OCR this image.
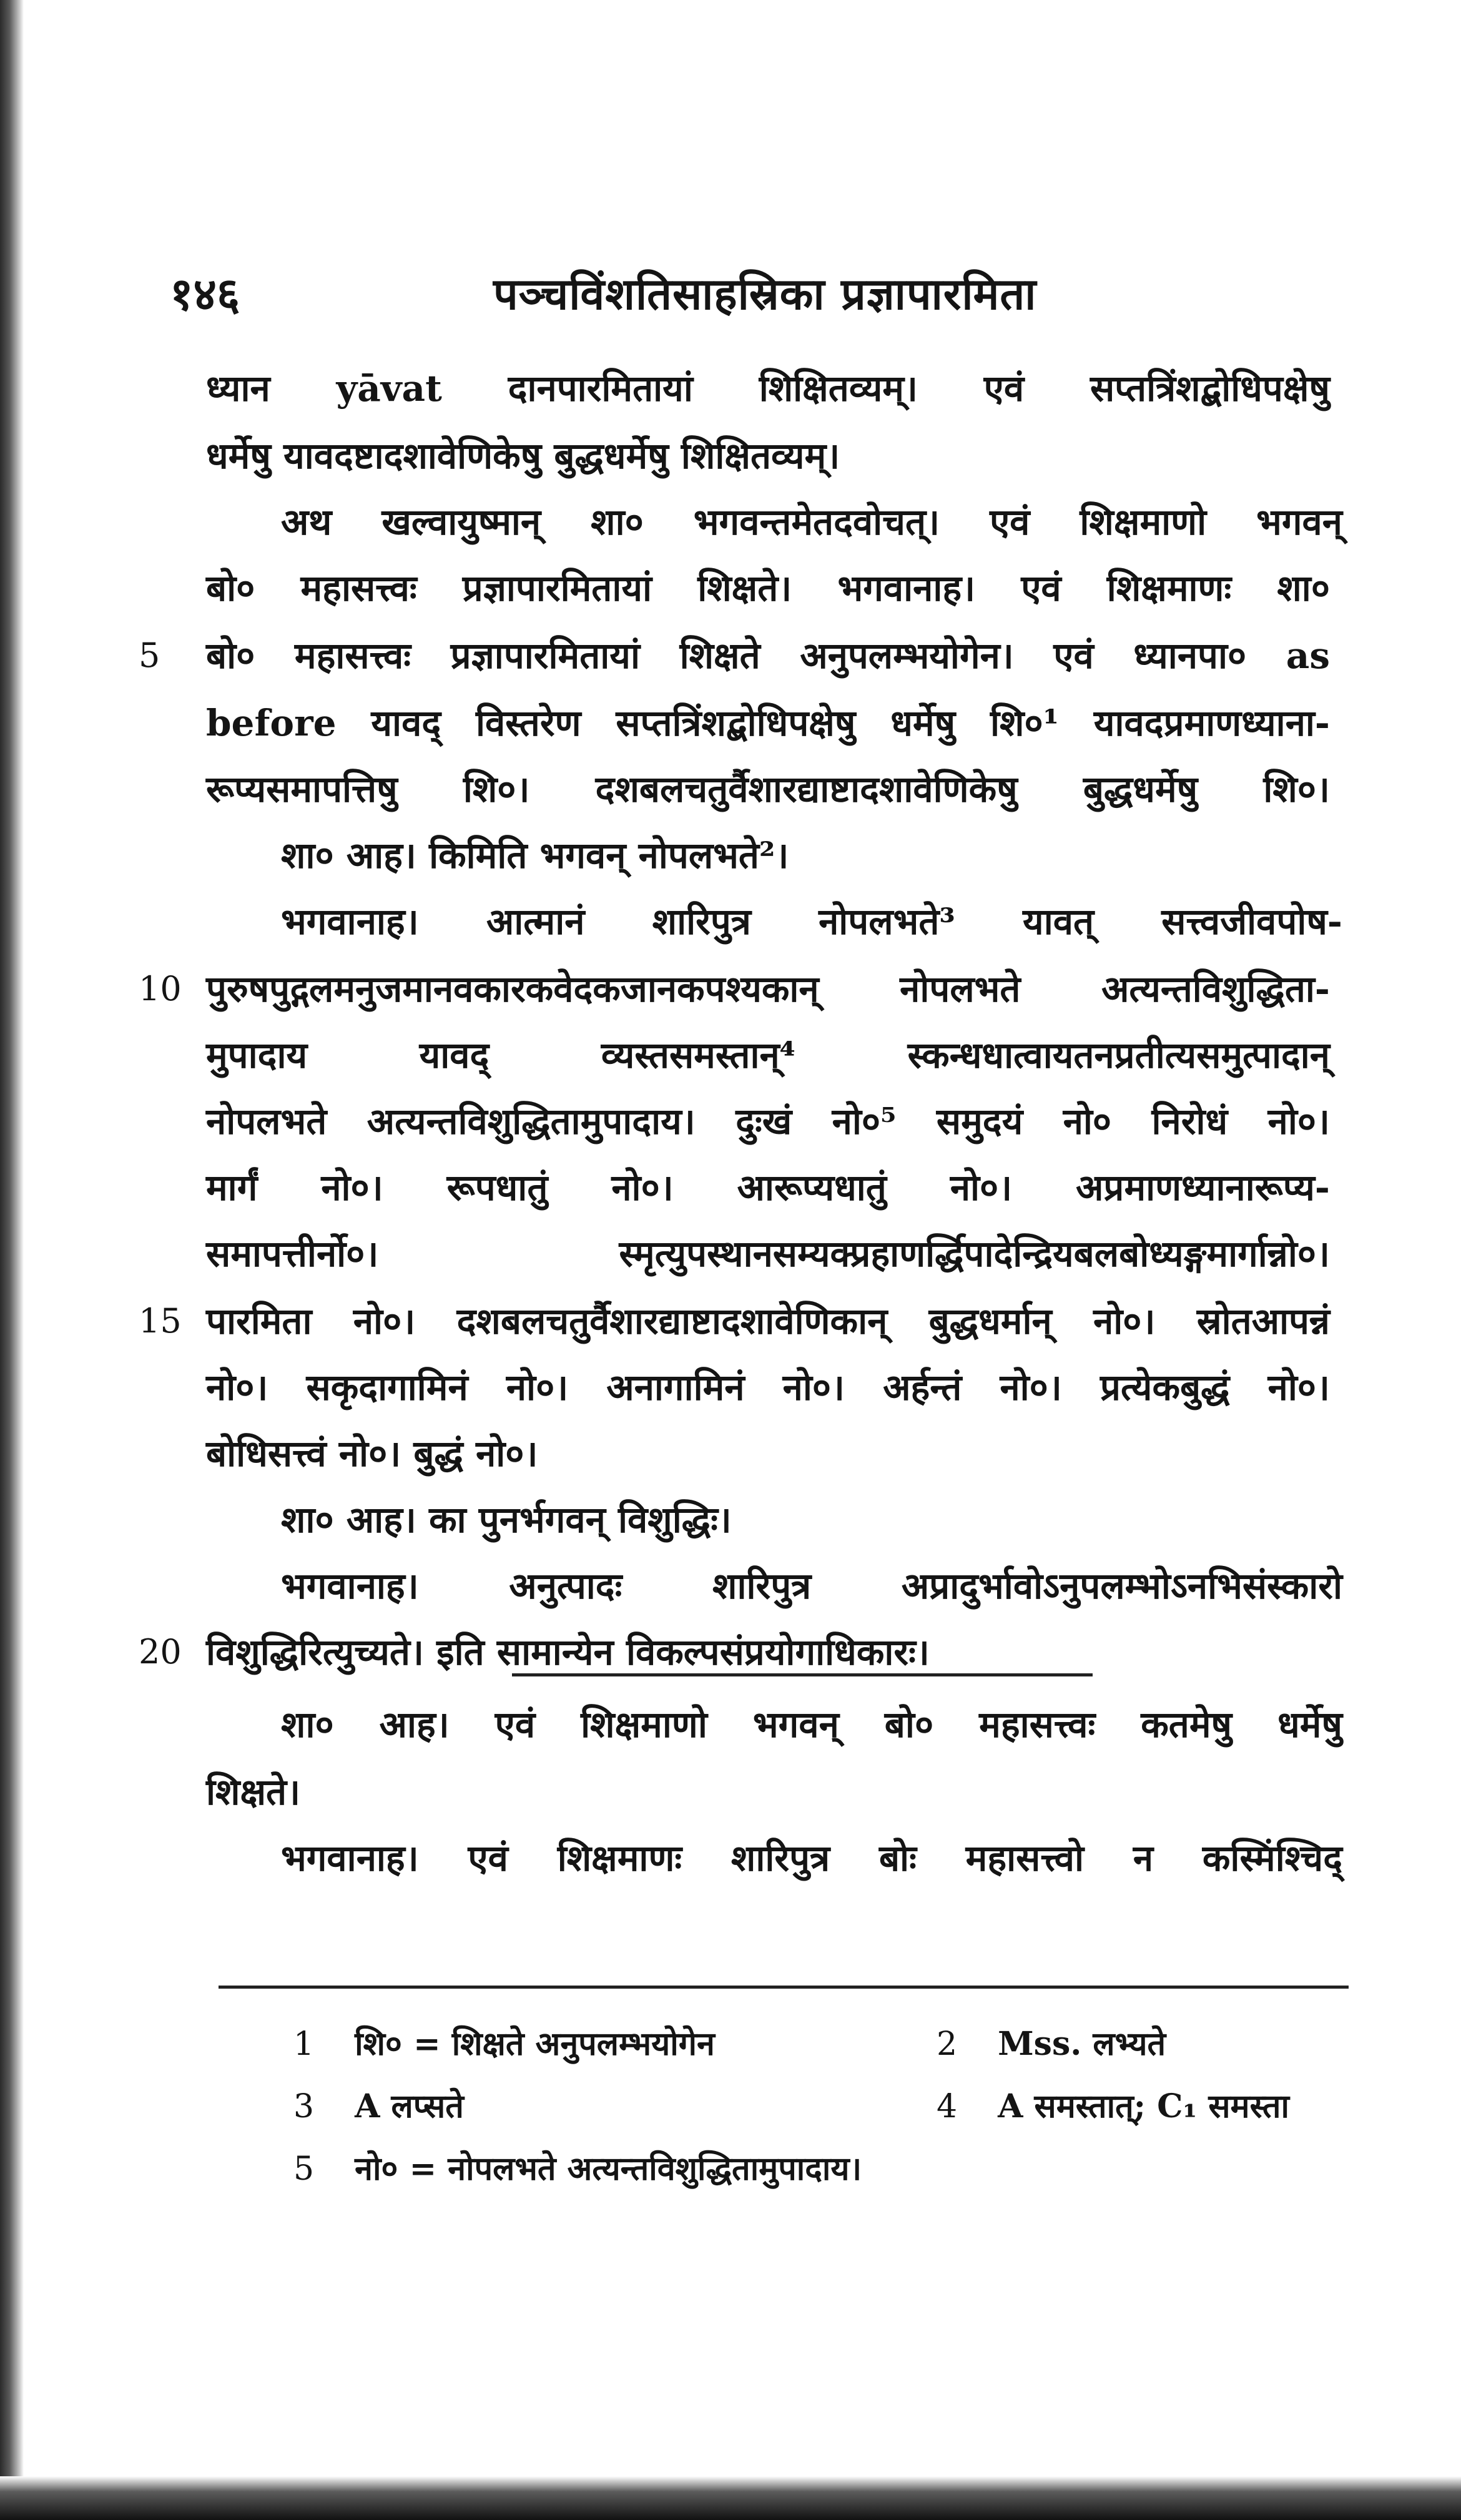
१४६	पञ्चविंशतिसाहस्रिका प्रज्ञापारमिता
ध्यान yāvat दानपारमितायां शिक्षितव्यम्। एवं सप्तत्रिंशद्बोधिपक्षेषु
धर्मेषु यावदष्टादशावेणिकेषु बुद्धधर्मेषु शिक्षितव्यम्।
अथ खल्वायुष्मान् शा० भगवन्तमेतदवोचत्। एवं शिक्षमाणो भगवन्
बो० महासत्त्वः प्रज्ञापारमितायां शिक्षते। भगवानाह। एवं शिक्षमाणः शा०
5 बो० महासत्त्वः प्रज्ञापारमितायां शिक्षते अनुपलम्भयोगेन। एवं ध्यानपा० as
before यावद् विस्तरेण सप्तत्रिंशद्बोधिपक्षेषु धर्मेषु शि०¹ यावदप्रमाणध्याना-
रूप्यसमापत्तिषु शि०। दशबलचतुर्वैशारद्याष्टादशावेणिकेषु बुद्धधर्मेषु शि०।
शा० आह। किमिति भगवन् नोपलभते²।
भगवानाह। आत्मानं शारिपुत्र नोपलभते³ यावत् सत्त्वजीवपोष-
10 पुरुषपुद्गलमनुजमानवकारकवेदकजानकपश्यकान् नोपलभते अत्यन्तविशुद्धिता-
मुपादाय यावद् व्यस्तसमस्तान्⁴ स्कन्धधात्वायतनप्रतीत्यसमुत्पादान्
नोपलभते अत्यन्तविशुद्धितामुपादाय। दुःखं नो०⁵ समुदयं नो० निरोधं नो०।
मार्गं नो०। रूपधातुं नो०। आरूप्यधातुं नो०। अप्रमाणध्यानारूप्य-
समापत्तीर्नो०। स्मृत्युपस्थानसम्यक्प्रहाणर्द्धिपादेन्द्रियबलबोध्यङ्गमार्गान्नो०।
15 पारमिता नो०। दशबलचतुर्वैशारद्याष्टादशावेणिकान् बुद्धधर्मान् नो०। स्रोतआपन्नं
नो०। सकृदागामिनं नो०। अनागामिनं नो०। अर्हन्तं नो०। प्रत्येकबुद्धं नो०।
बोधिसत्त्वं नो०। बुद्धं नो०।
शा० आह। का पुनर्भगवन् विशुद्धिः।
भगवानाह। अनुत्पादः शारिपुत्र अप्रादुर्भावोऽनुपलम्भोऽनभिसंस्कारो
20 विशुद्धिरित्युच्यते। इति सामान्येन विकल्पसंप्रयोगाधिकारः।
शा० आह। एवं शिक्षमाणो भगवन् बो० महासत्त्वः कतमेषु धर्मेषु
शिक्षते।
भगवानाह। एवं शिक्षमाणः शारिपुत्र बोः महासत्त्वो न कस्मिंश्चिद्
1 शि० = शिक्षते अनुपलम्भयोगेन	2 Mss. लभ्यते
3 A लप्सते	4 A समस्तात्; C₁ समस्ता
5 नो० = नोपलभते अत्यन्तविशुद्धितामुपादाय।
